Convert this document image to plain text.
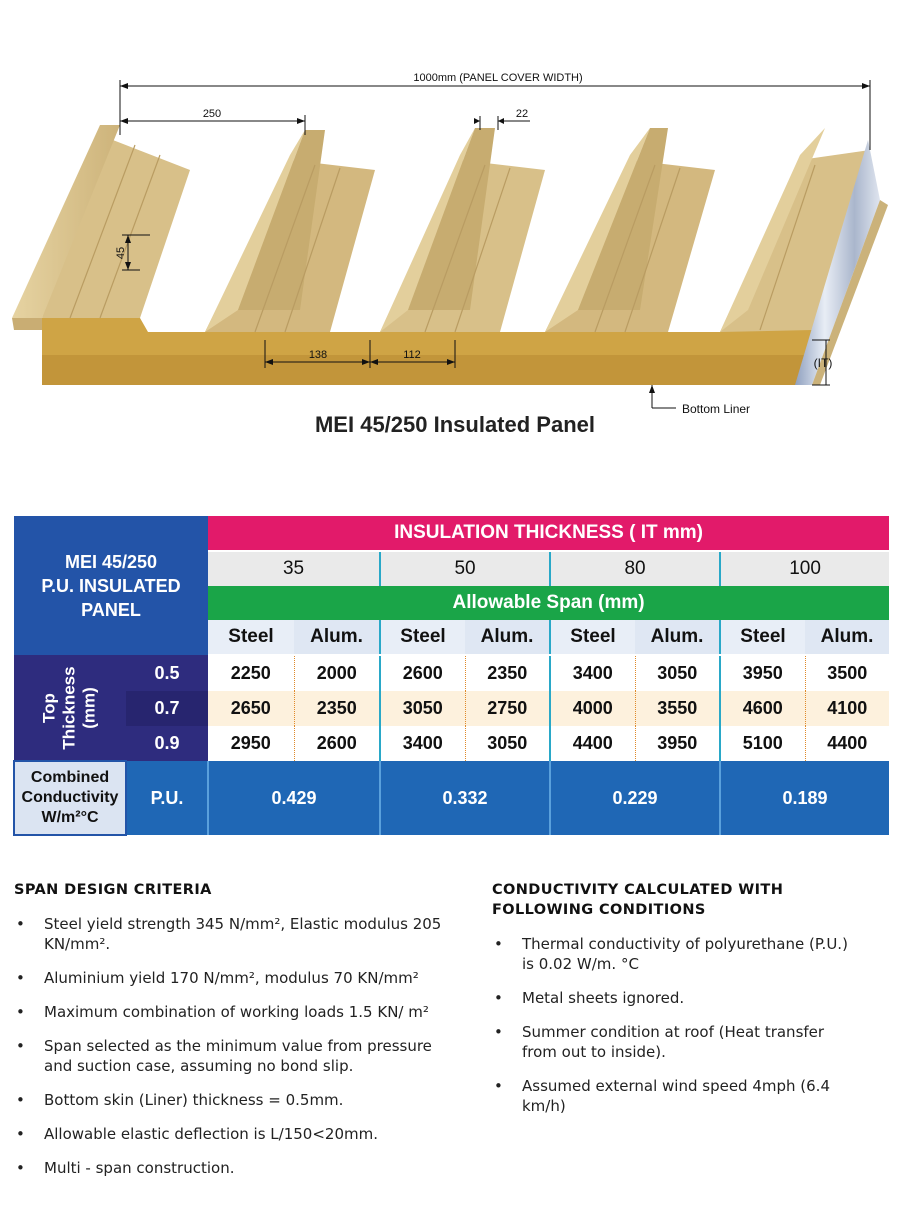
1000mm (PANEL COVER WIDTH)
250	22
45
138	112
(IT)
Bottom Liner
MEI 45/250 Insulated Panel
MEI 45/250
P.U. INSULATED
PANEL		INSULATION THICKNESS ( IT mm)							
		35		50		80		100	
		Allowable Span (mm)							
		Steel	Alum.	Steel	Alum.	Steel	Alum.	Steel	Alum.
Top
Thickness
(mm)	0.5	2250	2000	2600	2350	3400	3050	3950	3500
	0.7	2650	2350	3050	2750	4000	3550	4600	4100
	0.9	2950	2600	3400	3050	4400	3950	5100	4400

Combined
Conductivity
W/m²°C	P.U.	0.429		0.332		0.229		0.189	
SPAN DESIGN CRITERIA
• Steel yield strength 345 N/mm², Elastic modulus 205 KN/mm².
• Aluminium yield 170 N/mm², modulus 70 KN/mm²
• Maximum combination of working loads 1.5 KN/ m²
• Span selected as the minimum value from pressure and suction case, assuming no bond slip.
• Bottom skin (Liner) thickness = 0.5mm.
• Allowable elastic deflection is L/150<20mm.
• Multi - span construction.
CONDUCTIVITY CALCULATED WITH FOLLOWING CONDITIONS
• Thermal conductivity of polyurethane (P.U.) is 0.02 W/m. °C
• Metal sheets ignored.
• Summer condition at roof (Heat transfer from out to inside).
• Assumed external wind speed 4mph (6.4 km/h)
